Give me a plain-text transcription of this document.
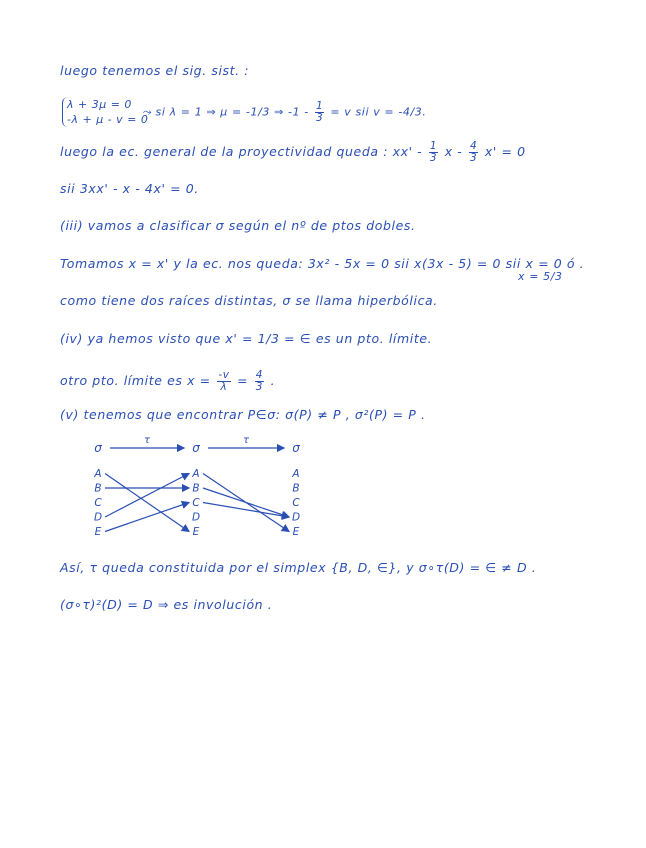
luego tenemos el sig. sist. :
λ + 3μ = 0
-λ + μ - v = 0
⤳ si λ = 1 ⇒ μ = -1/3 ⇒ $-1 - \frac{1}{3} = v$ sii v = -4/3.
luego la ec. general de la proyectividad queda : xx' - $\frac{1}{3}$ $x - \frac{4}{3} x' = 0$
sii 3xx' - x - 4x' = 0.
(iii) vamos a clasificar σ según el nº de ptos dobles.
Tomamos x = x' y la ec. nos queda: 3x² - 5x = 0 sii x(3x - 5) = 0 sii x = 0 ó .
x = 5/3
como tiene dos raíces distintas, σ se llama hiperbólica.
(iv) ya hemos visto que x' = 1/3 = ∈ es un pto. límite.
otro pto. límite es $x = \frac{-v}{\lambda} = \frac{4}{3}$ .
(v) tenemos que encontrar P∈σ: σ(P) ≠ P , σ²(P) = P .
σ	σ	σ
τ	τ
A
B
C
D
E
A
B
C
D
E
A
B
C
D
E
Así, τ queda constituida por el simplex {B, D, ∈}, y σ∘τ(D) = ∈ ≠ D .
(σ∘τ)²(D) = D ⇒ es involución .
